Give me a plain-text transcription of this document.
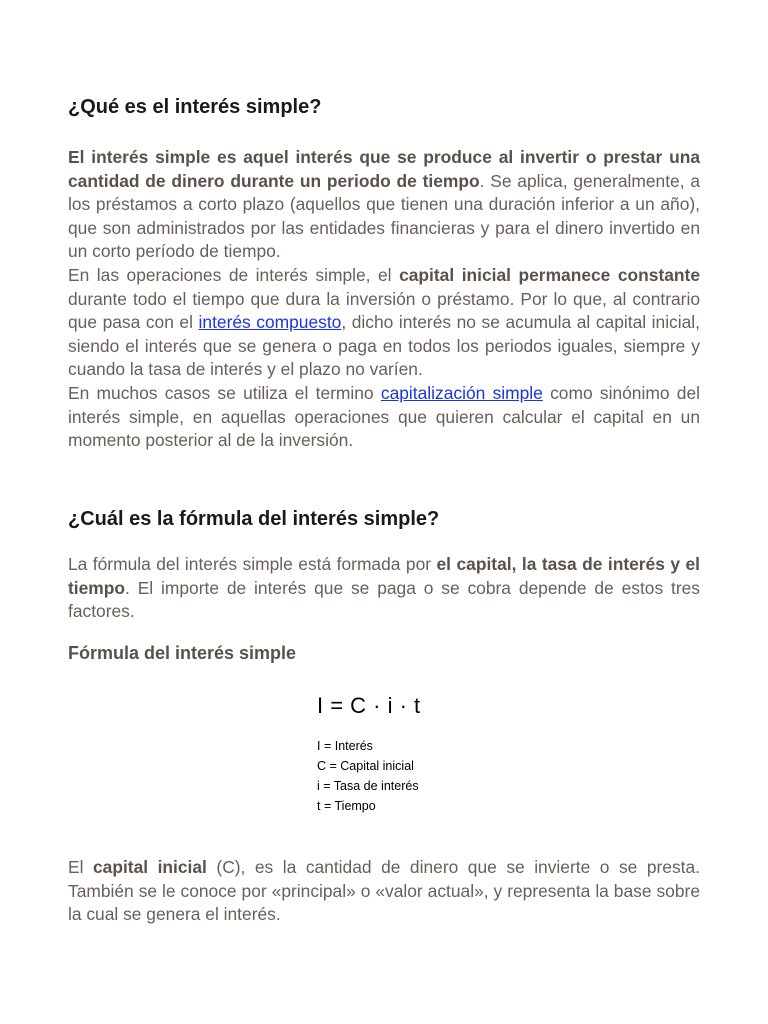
¿Qué es el interés simple?

El interés simple es aquel interés que se produce al invertir o prestar una cantidad de dinero durante un periodo de tiempo. Se aplica, generalmente, a los préstamos a corto plazo (aquellos que tienen una duración inferior a un año), que son administrados por las entidades financieras y para el dinero invertido en un corto período de tiempo.

En las operaciones de interés simple, el capital inicial permanece constante durante todo el tiempo que dura la inversión o préstamo. Por lo que, al contrario que pasa con el interés compuesto, dicho interés no se acumula al capital inicial, siendo el interés que se genera o paga en todos los periodos iguales, siempre y cuando la tasa de interés y el plazo no varíen.

En muchos casos se utiliza el termino capitalización simple como sinónimo del interés simple, en aquellas operaciones que quieren calcular el capital en un momento posterior al de la inversión.

¿Cuál es la fórmula del interés simple?

La fórmula del interés simple está formada por el capital, la tasa de interés y el tiempo. El importe de interés que se paga o se cobra depende de estos tres factores.

Fórmula del interés simple
I = C · i · t
I = Interés
C = Capital inicial
i = Tasa de interés
t = Tiempo

El capital inicial (C), es la cantidad de dinero que se invierte o se presta. También se le conoce por «principal» o «valor actual», y representa la base sobre la cual se genera el interés.
